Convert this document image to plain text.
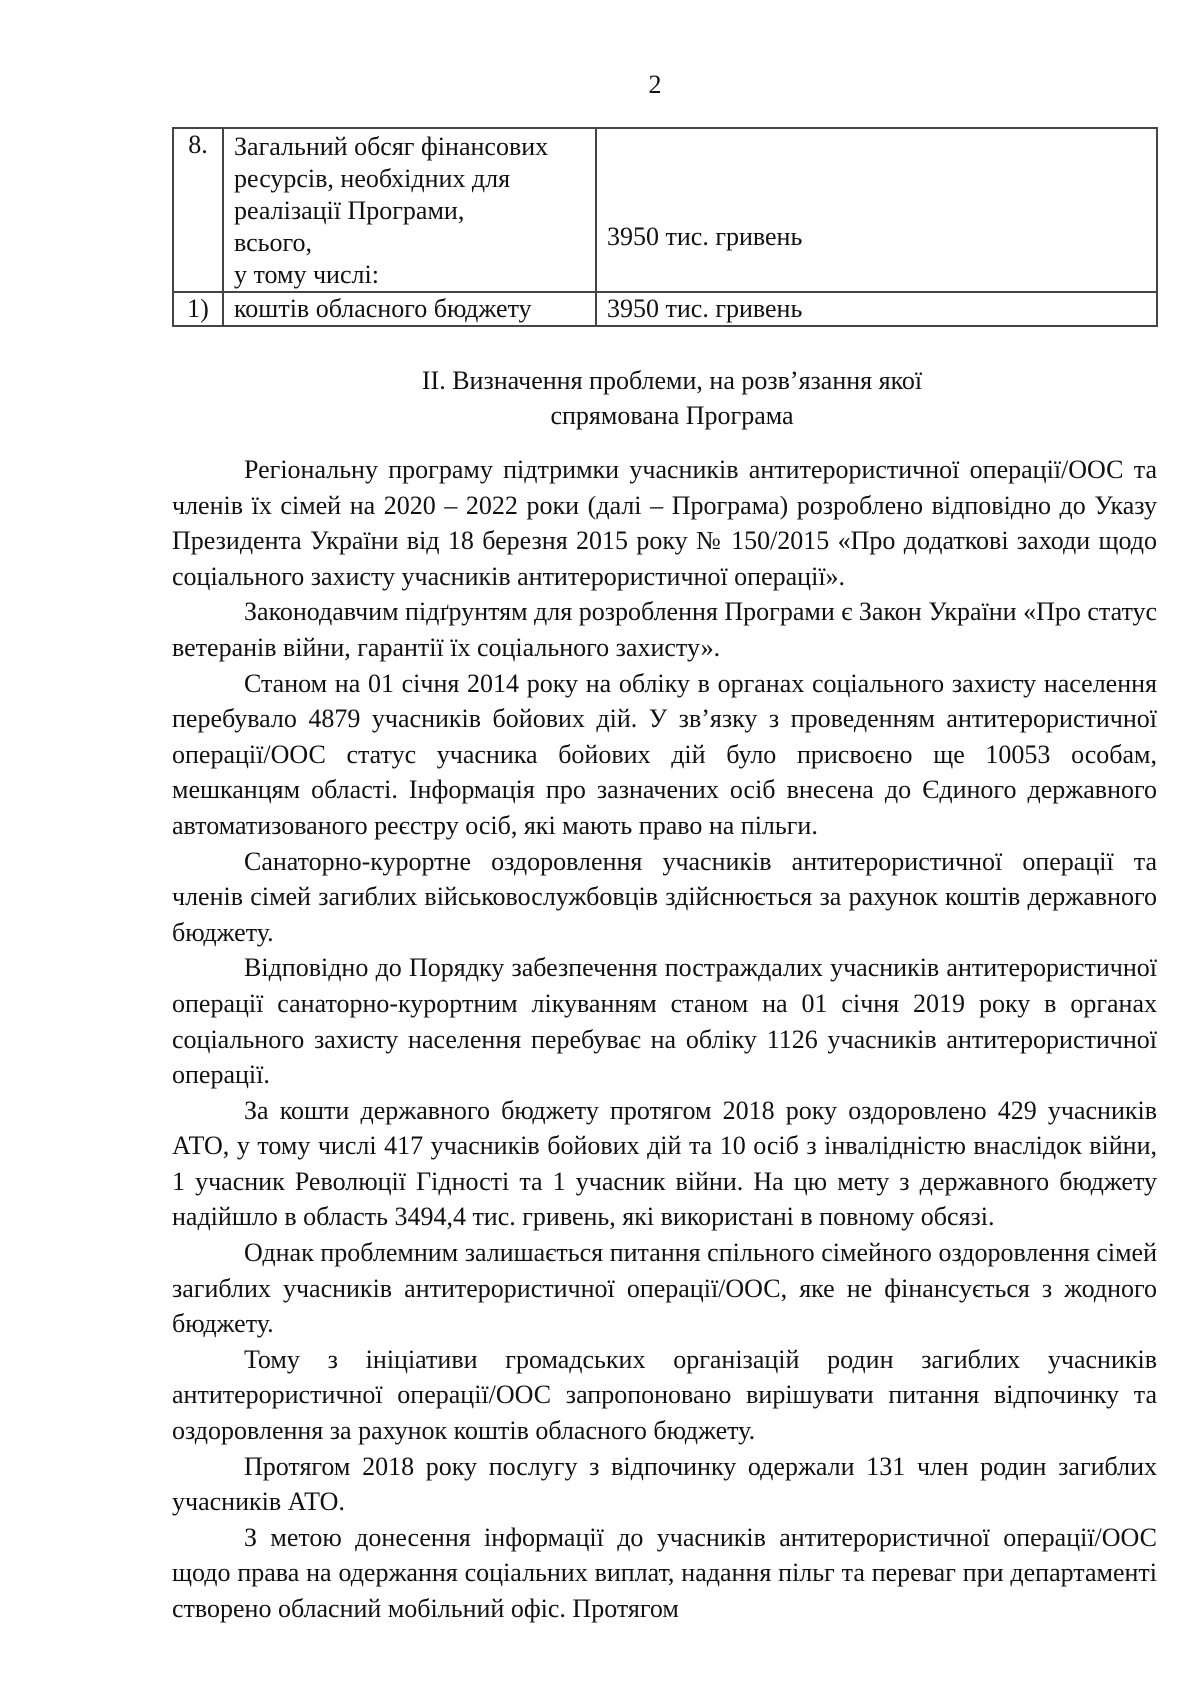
2
8.	Загальний обсяг фінансових
ресурсів, необхідних для
реалізації Програми,
всього,
у тому числі:	3950 тис. гривень
1)	коштів обласного бюджету	3950 тис. гривень
ІІ. Визначення проблеми, на розв’язання якої
спрямована Програма

Регіональну програму підтримки учасників антитерористичної операції/ООС та членів їх сімей на 2020 – 2022 роки (далі – Програма) розроблено відповідно до Указу Президента України від 18 березня 2015 року № 150/2015 «Про додаткові заходи щодо соціального захисту учасників антитерористичної операції».

Законодавчим підґрунтям для розроблення Програми є Закон України «Про статус ветеранів війни, гарантії їх соціального захисту».

Станом на 01 січня 2014 року на обліку в органах соціального захисту населення перебувало 4879 учасників бойових дій. У зв’язку з проведенням антитерористичної операції/ООС статус учасника бойових дій було присвоєно ще 10053 особам, мешканцям області. Інформація про зазначених осіб внесена до Єдиного державного автоматизованого реєстру осіб, які мають право на пільги.

Санаторно-курортне оздоровлення учасників антитерористичної операції та членів сімей загиблих військовослужбовців здійснюється за рахунок коштів державного бюджету.

Відповідно до Порядку забезпечення постраждалих учасників антитерористичної операції санаторно-курортним лікуванням станом на 01 січня 2019 року в органах соціального захисту населення перебуває на обліку 1126 учасників антитерористичної операції.

За кошти державного бюджету протягом 2018 року оздоровлено 429 учасників АТО, у тому числі 417 учасників бойових дій та 10 осіб з інвалідністю внаслідок війни, 1 учасник Революції Гідності та 1 учасник війни. На цю мету з державного бюджету надійшло в область 3494,4 тис. гривень, які використані в повному обсязі.

Однак проблемним залишається питання спільного сімейного оздоровлення сімей загиблих учасників антитерористичної операції/ООС, яке не фінансується з жодного бюджету.

Тому з ініціативи громадських організацій родин загиблих учасників антитерористичної операції/ООС запропоновано вирішувати питання відпочинку та оздоровлення за рахунок коштів обласного бюджету.

Протягом 2018 року послугу з відпочинку одержали 131 член родин загиблих учасників АТО.

З метою донесення інформації до учасників антитерористичної операції/ООС щодо права на одержання соціальних виплат, надання пільг та переваг при департаменті створено обласний мобільний офіс. Протягом
